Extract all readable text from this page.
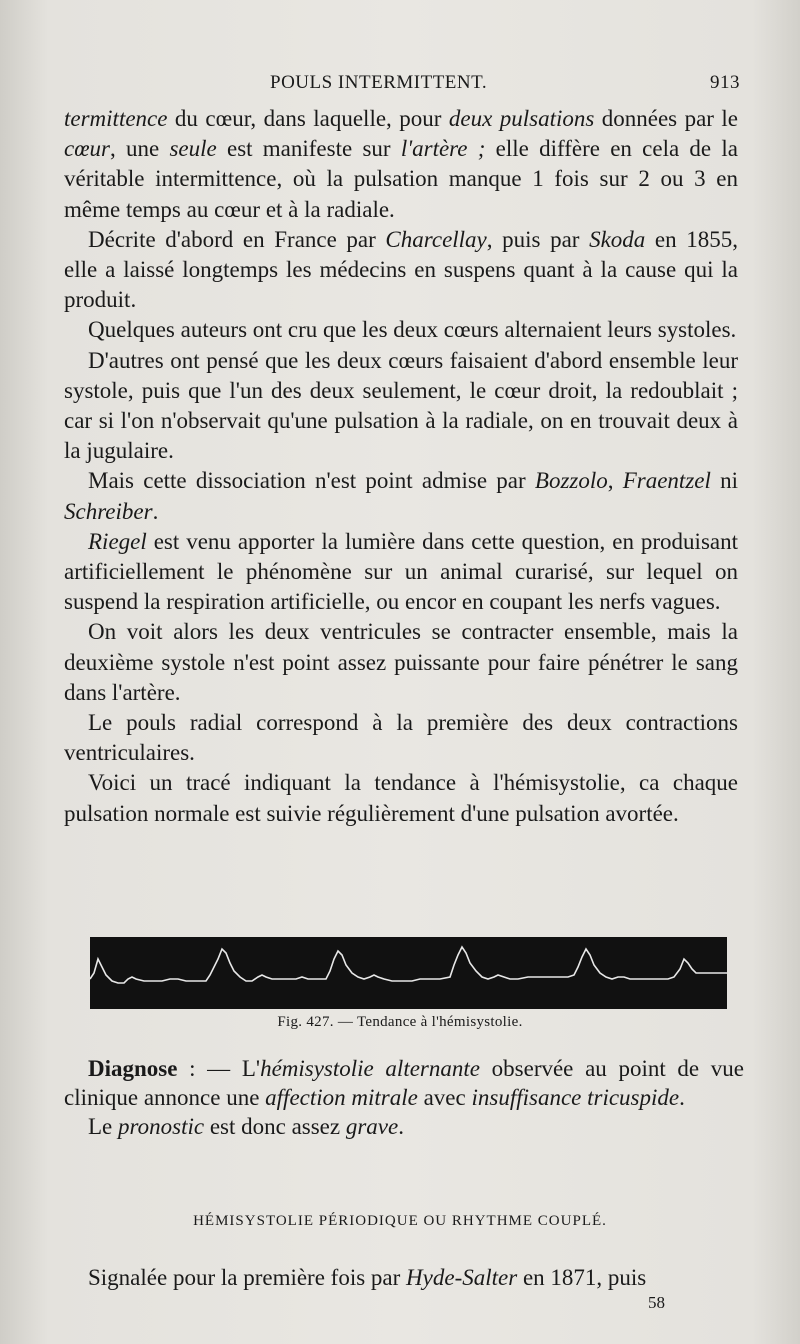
POULS INTERMITTENT.	913

termittence du cœur, dans laquelle, pour deux pulsations données par le cœur, une seule est manifeste sur l'artère ; elle diffère en cela de la véritable intermittence, où la pulsation manque 1 fois sur 2 ou 3 en même temps au cœur et à la radiale.

Décrite d'abord en France par Charcellay, puis par Skoda en 1855, elle a laissé longtemps les médecins en suspens quant à la cause qui la produit.

Quelques auteurs ont cru que les deux cœurs alternaient leurs systoles.

D'autres ont pensé que les deux cœurs faisaient d'abord ensemble leur systole, puis que l'un des deux seulement, le cœur droit, la redoublait ; car si l'on n'observait qu'une pulsation à la radiale, on en trouvait deux à la jugulaire.

Mais cette dissociation n'est point admise par Bozzolo, Fraentzel ni Schreiber.

Riegel est venu apporter la lumière dans cette question, en produisant artificiellement le phénomène sur un animal curarisé, sur lequel on suspend la respiration artificielle, ou encor en coupant les nerfs vagues.

On voit alors les deux ventricules se contracter ensemble, mais la deuxième systole n'est point assez puissante pour faire pénétrer le sang dans l'artère.

Le pouls radial correspond à la première des deux contractions ventriculaires.

Voici un tracé indiquant la tendance à l'hémisystolie, ca chaque pulsation normale est suivie régulièrement d'une pulsation avortée.

Fig. 427. — Tendance à l'hémisystolie.

Diagnose : — L'hémisystolie alternante observée au point de vue clinique annonce une affection mitrale avec insuffisance tricuspide.

Le pronostic est donc assez grave.

HÉMISYSTOLIE PÉRIODIQUE OU RHYTHME COUPLÉ.
Signalée pour la première fois par Hyde-Salter en 1871, puis
58
